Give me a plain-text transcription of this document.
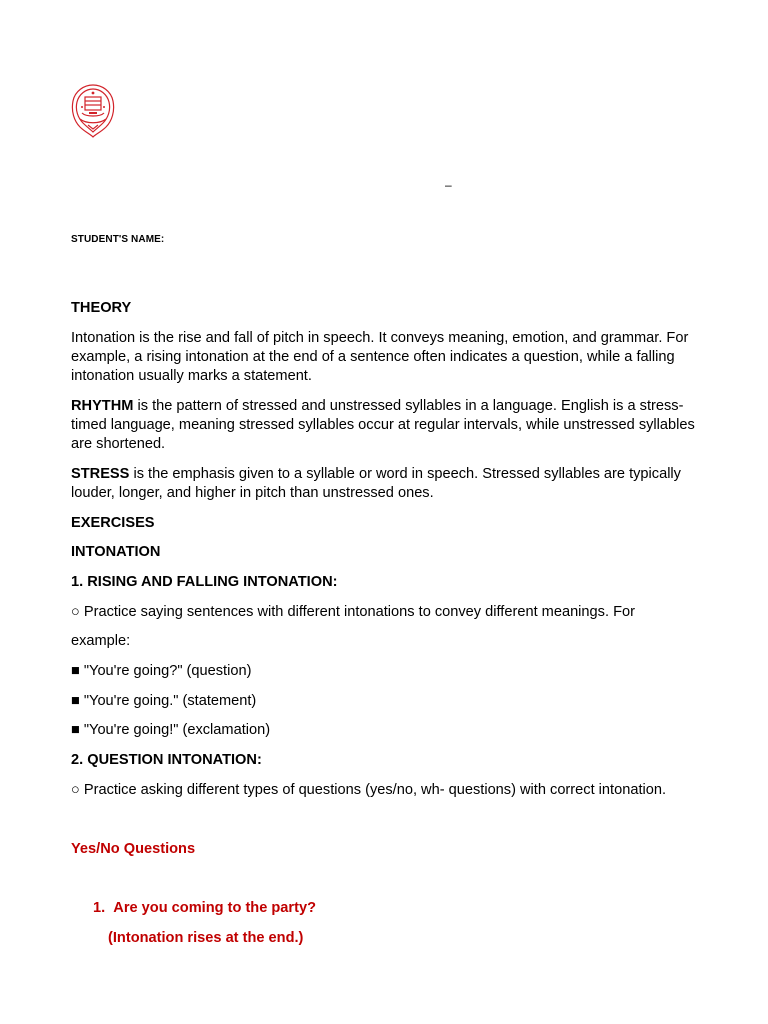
–
STUDENT'S NAME:

THEORY

Intonation is the rise and fall of pitch in speech. It conveys meaning, emotion, and grammar. For example, a rising intonation at the end of a sentence often indicates a question, while a falling intonation usually marks a statement.

RHYTHM is the pattern of stressed and unstressed syllables in a language. English is a stress-timed language, meaning stressed syllables occur at regular intervals, while unstressed syllables are shortened.

STRESS is the emphasis given to a syllable or word in speech. Stressed syllables are typically louder, longer, and higher in pitch than unstressed ones.

EXERCISES

INTONATION

1. RISING AND FALLING INTONATION:

○ Practice saying sentences with different intonations to convey different meanings. For

example:

■ "You're going?" (question)

■ "You're going." (statement)

■ "You're going!" (exclamation)

2. QUESTION INTONATION:

○ Practice asking different types of questions (yes/no, wh- questions) with correct intonation.

Yes/No Questions

1. Are you coming to the party?

(Intonation rises at the end.)
